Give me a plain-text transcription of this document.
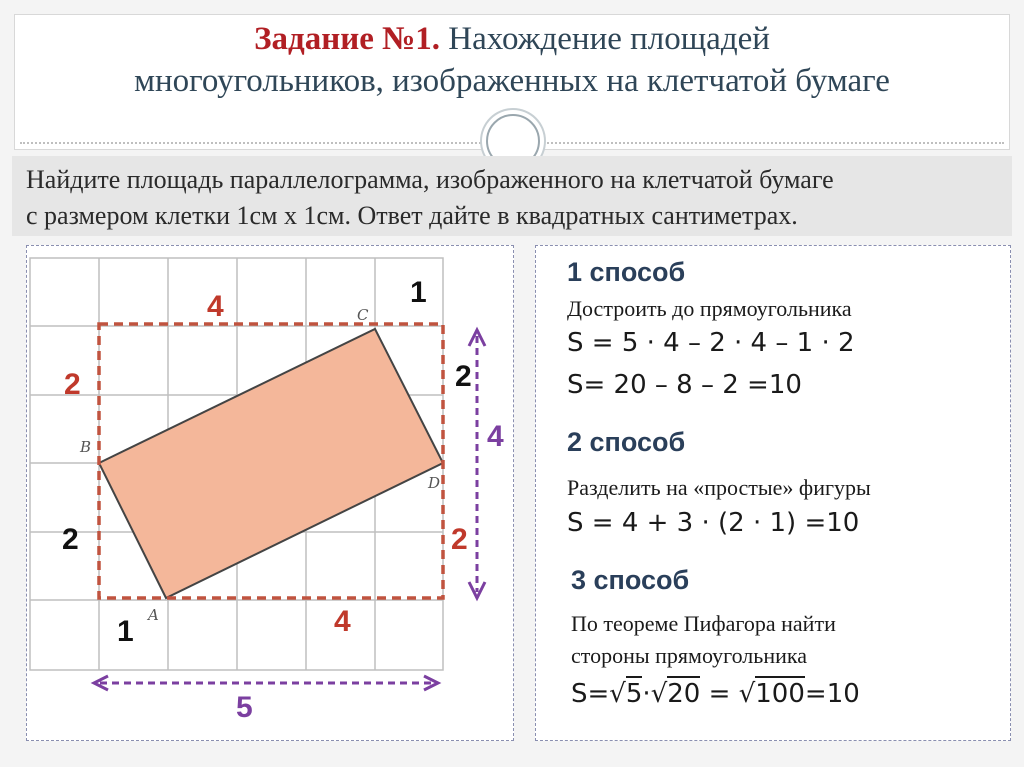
Задание №1. Нахождение площадей
многоугольников, изображенных на клетчатой бумаге
Найдите площадь параллелограмма, изображенного на клетчатой бумаге
с размером клетки 1см х 1см. Ответ дайте в квадратных сантиметрах.
B
C
D
A
4	1
2	2
4
2	2
4
1
5
1 способ
Достроить до прямоугольника
S = 5 · 4 – 2 · 4 – 1 · 2
S= 20 – 8 – 2 =10
2 способ
Разделить на «простые» фигуры
S = 4 + 3 · (2 · 1) =10
3 способ
По теореме Пифагора найти
стороны прямоугольника
S=√5·√20 = √100=10
